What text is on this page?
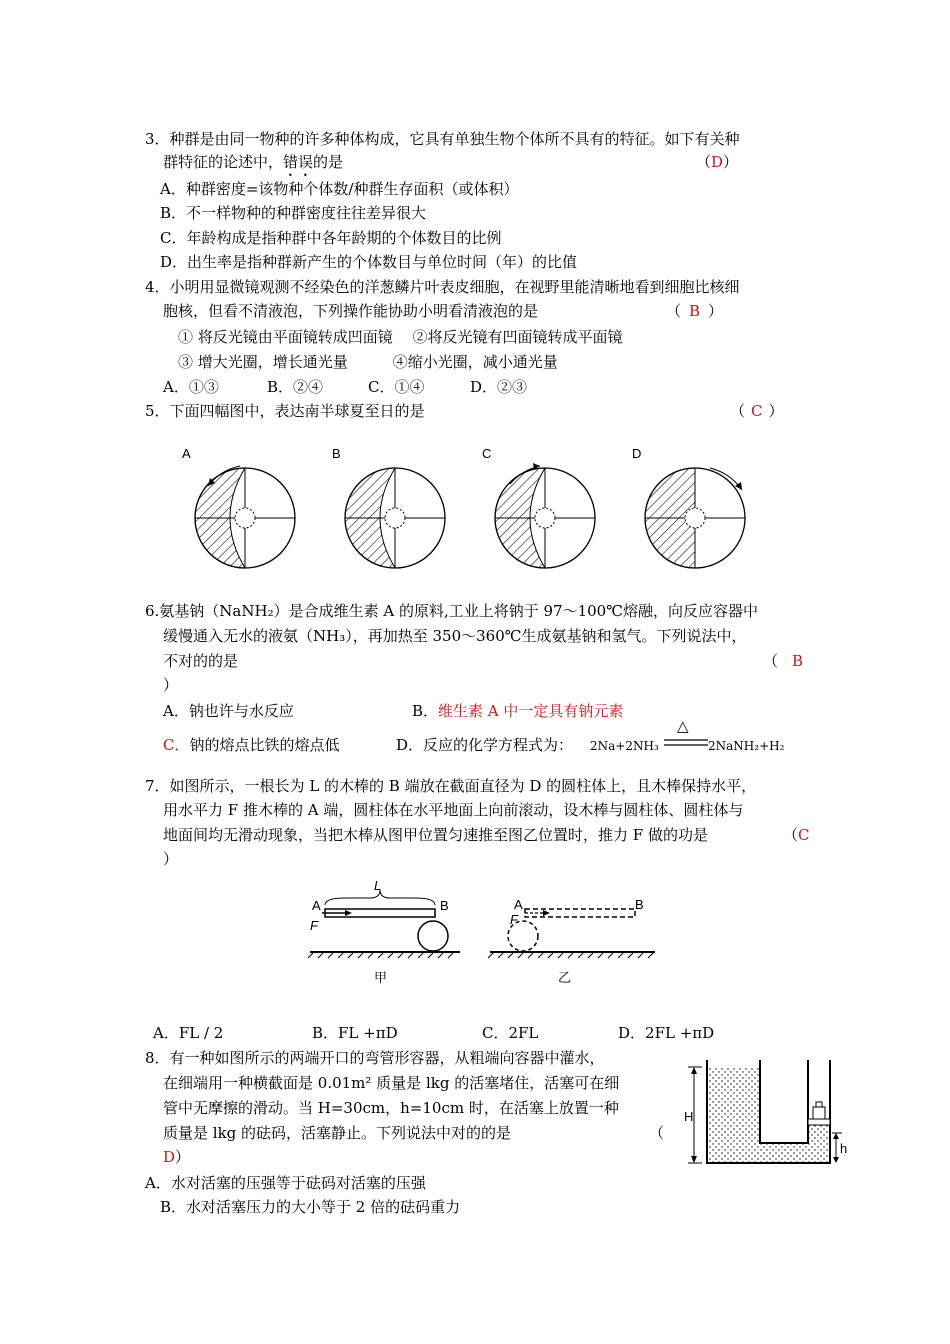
3．种群是由同一物种的许多种体构成，它具有单独生物个体所不具有的特征。如下有关种
群特征的论述中，错误的是	（D）
A．种群密度=该物种个体数/种群生存面积（或体积）
B．不一样物种的种群密度往往差异很大
C．年龄构成是指种群中各年龄期的个体数目的比例
D．出生率是指种群新产生的个体数目与单位时间（年）的比值
4．小明用显微镜观测不经染色的洋葱鳞片叶表皮细胞，在视野里能清晰地看到细胞比核细
胞核，但看不清液泡，下列操作能协助小明看清液泡的是	（ B ）
① 将反光镜由平面镜转成凹面镜　 ②将反光镜有凹面镜转成平面镜
③ 增大光圈，增长通光量　　　④缩小光圈，减小通光量
A．①③	B．②④	C．①④	D．②③
5．下面四幅图中，表达南半球夏至日的是	（ C ）
A	B	C	D
6.氨基钠（NaNH₂）是合成维生素 A 的原料,工业上将钠于 97～100℃熔融，向反应容器中
缓慢通入无水的液氨（NH₃），再加热至 350～360℃生成氨基钠和氢气。下列说法中，
不对的的是	（ B
）
A．钠也许与水反应	B．维生素 A 中一定具有钠元素
C．钠的熔点比铁的熔点低	D．反应的化学方程式为： 2Na+2NH₃
△
2NaNH₂+H₂
7．如图所示，一根长为 L 的木棒的 B 端放在截面直径为 D 的圆柱体上，且木棒保持水平，
用水平力 F 推木棒的 A 端，圆柱体在水平地面上向前滚动，设木棒与圆柱体、圆柱体与
地面间均无滑动现象，当把木棒从图甲位置匀速推至图乙位置时，推力 F 做的功是	（C
）
A	B
L
F
甲
A	B
F
乙
A．FL / 2	B．FL +πD	C．2FL	D．2FL +πD
8．有一种如图所示的两端开口的弯管形容器，从粗端向容器中灌水，
在细端用一种横截面是 0.01m² 质量是 lkg 的活塞堵住，活塞可在细
管中无摩擦的滑动。当 H=30cm，h=10cm 时，在活塞上放置一种
质量是 lkg 的砝码，活塞静止。下列说法中对的的是	（
D）
H
h
A．水对活塞的压强等于砝码对活塞的压强
B．水对活塞压力的大小等于 2 倍的砝码重力
